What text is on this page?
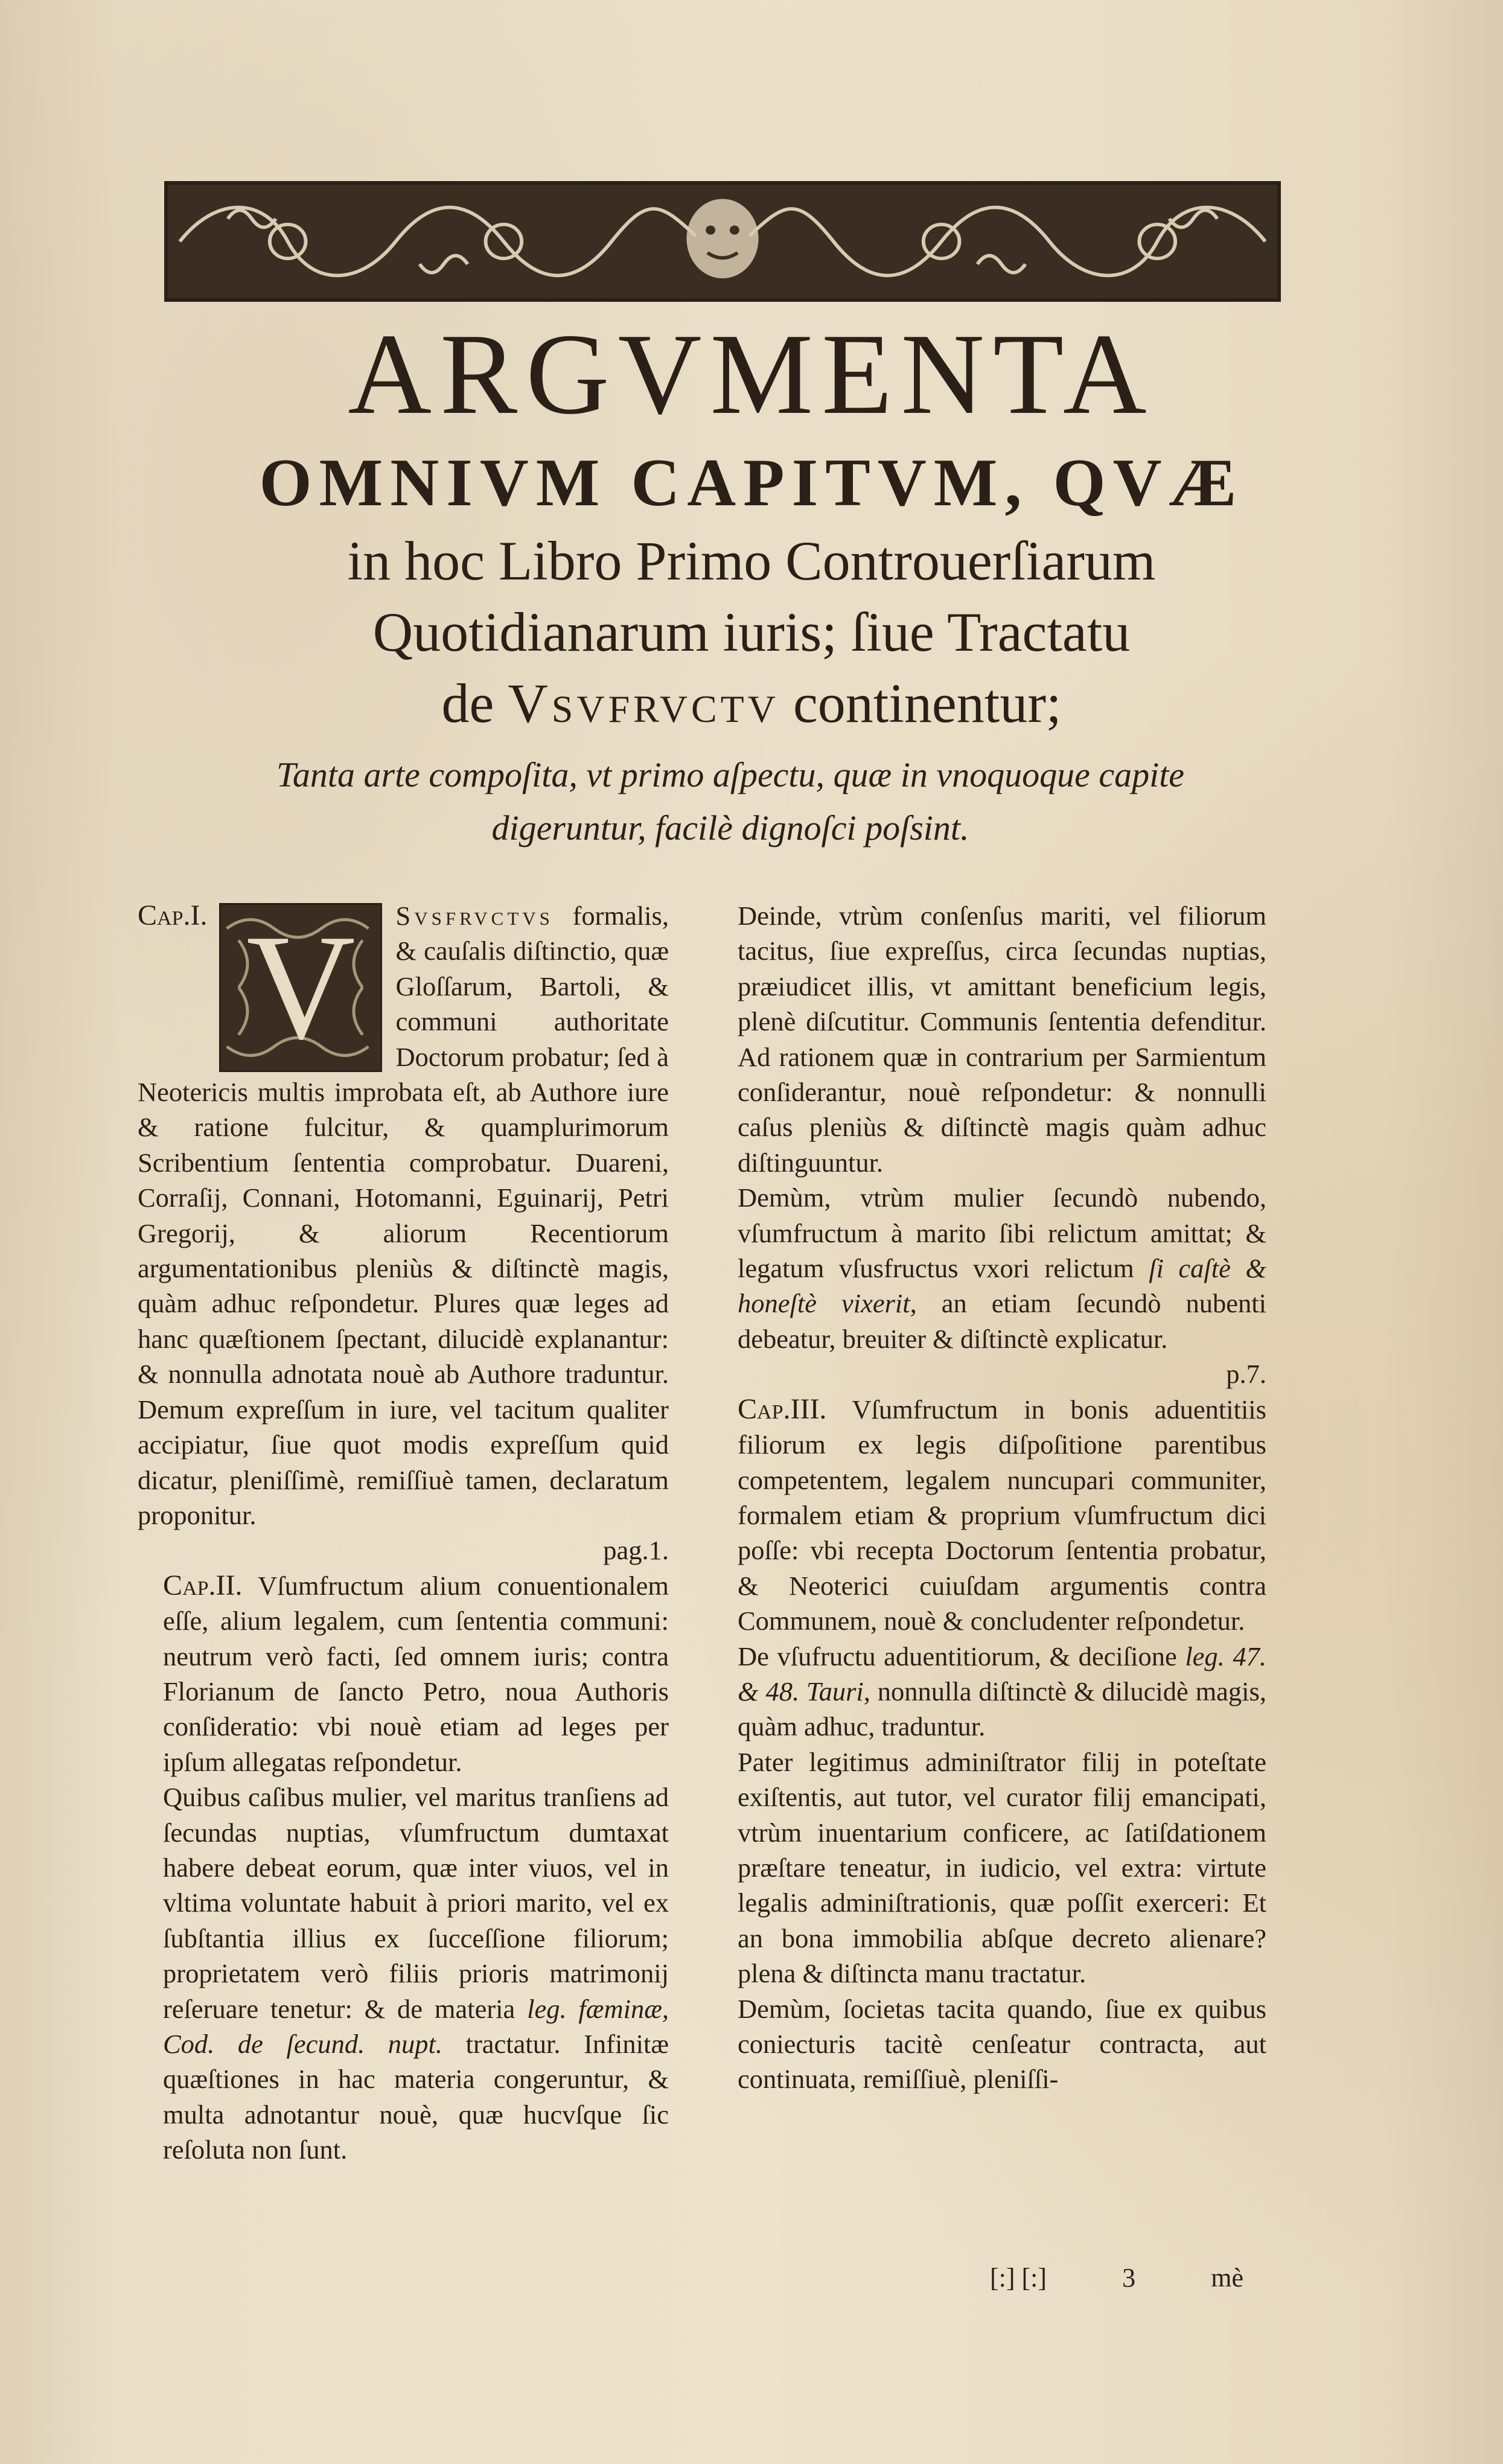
ARGVMENTA

OMNIVM CAPITVM, QVÆ

in hoc Libro Primo Controuerſiarum

Quotidianarum iuris; ſiue Tractatu

de Vsvfrvctv continentur;

Tanta arte compoſita, vt primo aſpectu, quæ in vnoquoque capite
digeruntur, facilè dignoſci poſsint.

Cap.I. V	Svsfrvctvs formalis, & cauſalis diſtinctio, quæ Gloſſarum, Bartoli, & communi authoritate Doctorum probatur; ſed à Neotericis multis improbata eſt, ab Authore iure & ratione fulcitur, & quamplurimorum Scribentium ſententia comprobatur. Duareni, Corraſij, Connani, Hotomanni, Eguinarij, Petri Gregorij, & aliorum Recentiorum argumentationibus pleniùs & diſtinctè magis, quàm adhuc reſpondetur. Plures quæ leges ad hanc quæſtionem ſpectant, dilucidè explanantur: & nonnulla adnotata nouè ab Authore traduntur. Demum expreſſum in iure, vel tacitum qualiter accipiatur, ſiue quot modis expreſſum quid dicatur, pleniſſimè, remiſſiuè tamen, declaratum proponitur.
pag.1.

Cap.II. Vſumfructum alium conuentionalem eſſe, alium legalem, cum ſententia communi: neutrum verò facti, ſed omnem iuris; contra Florianum de ſancto Petro, noua Authoris conſideratio: vbi nouè etiam ad leges per ipſum allegatas reſpondetur.

Quibus caſibus mulier, vel maritus tranſiens ad ſecundas nuptias, vſumfructum dumtaxat habere debeat eorum, quæ inter viuos, vel in vltima voluntate habuit à priori marito, vel ex ſubſtantia illius ex ſucceſſione filiorum; proprietatem verò filiis prioris matrimonij reſeruare tenetur: & de materia leg. fæminæ, Cod. de ſecund. nupt. tractatur. Infinitæ quæſtiones in hac materia congeruntur, & multa adnotantur nouè, quæ hucvſque ſic reſoluta non ſunt.

Deinde, vtrùm conſenſus mariti, vel filiorum tacitus, ſiue expreſſus, circa ſecundas nuptias, præiudicet illis, vt amittant beneficium legis, plenè diſcutitur. Communis ſententia defenditur. Ad rationem quæ in contrarium per Sarmientum conſiderantur, nouè reſpondetur: & nonnulli caſus pleniùs & diſtinctè magis quàm adhuc diſtinguuntur.

Demùm, vtrùm mulier ſecundò nubendo, vſumfructum à marito ſibi relictum amittat; & legatum vſusfructus vxori relictum ſi caſtè & honeſtè vixerit, an etiam ſecundò nubenti debeatur, breuiter & diſtinctè explicatur.
p.7.

Cap.III. Vſumfructum in bonis aduentitiis filiorum ex legis diſpoſitione parentibus competentem, legalem nuncupari communiter, formalem etiam & proprium vſumfructum dici poſſe: vbi recepta Doctorum ſententia probatur, & Neoterici cuiuſdam argumentis contra Communem, nouè & concludenter reſpondetur.

De vſufructu aduentitiorum, & deciſione leg. 47. & 48. Tauri, nonnulla diſtinctè & dilucidè magis, quàm adhuc, traduntur.

Pater legitimus adminiſtrator filij in poteſtate exiſtentis, aut tutor, vel curator filij emancipati, vtrùm inuentarium conficere, ac ſatiſdationem præſtare teneatur, in iudicio, vel extra: virtute legalis adminiſtrationis, quæ poſſit exerceri: Et an bona immobilia abſque decreto alienare? plena & diſtincta manu tractatur.

Demùm, ſocietas tacita quando, ſiue ex quibus coniecturis tacitè cenſeatur contracta, aut continuata, remiſſiuè, pleniſſi-

[:] [:]	3	mè
